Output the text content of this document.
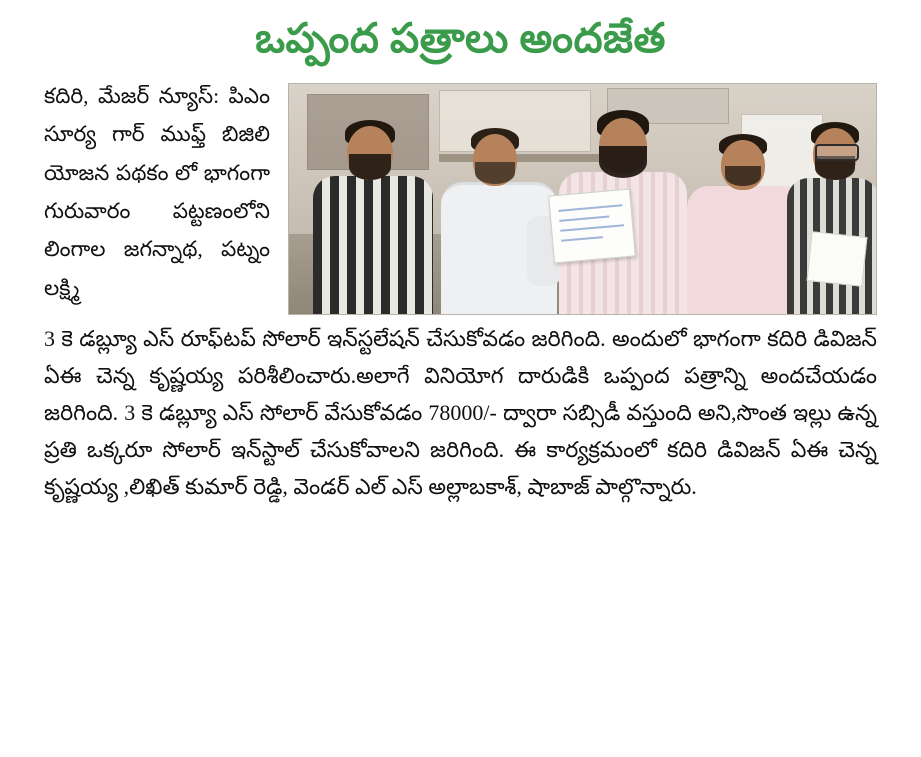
ఒప్పంద పత్రాలు అందజేత

కదిరి, మేజర్ న్యూస్: పిఎం సూర్య గార్ ముఫ్త్ బిజిలి యోజన పథకం లో భాగంగా గురువారం పట్టణంలోని లింగాల జగన్నాథ, పట్నం లక్ష్మి

3 కె డబ్ల్యూ ఎస్ రూఫ్‌టప్ సోలార్ ఇన్‌స్టలేషన్ చేసుకోవడం జరిగింది. అందులో భాగంగా కదిరి డివిజన్ ఏఈ చెన్న కృష్ణయ్య పరిశీలించారు.అలాగే వినియోగ దారుడికి ఒప్పంద పత్రాన్ని అందచేయడం జరిగింది. 3 కె డబ్ల్యూ ఎస్ సోలార్ వేసుకోవడం 78000/- ద్వారా సబ్సిడీ వస్తుంది అని,సొంత ఇల్లు ఉన్న ప్రతి ఒక్కరూ సోలార్ ఇన్‌స్టాల్ చేసుకోవాలని జరిగింది. ఈ కార్యక్రమంలో కదిరి డివిజన్ ఏఈ చెన్న కృష్ణయ్య ,లిఖిత్ కుమార్ రెడ్డి, వెండర్ ఎల్ ఎస్ అల్లాబకాశ్, షాబాజ్ పాల్గొన్నారు.
